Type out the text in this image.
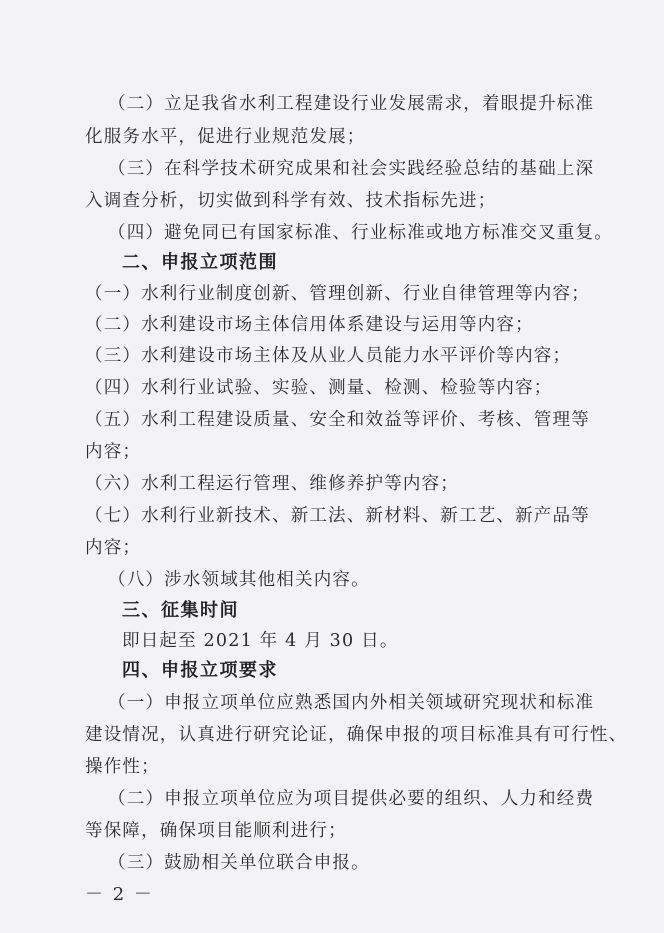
（二）立足我省水利工程建设行业发展需求，着眼提升标准
化服务水平，促进行业规范发展；
（三）在科学技术研究成果和社会实践经验总结的基础上深
入调查分析，切实做到科学有效、技术指标先进；
（四）避免同已有国家标准、行业标准或地方标准交叉重复。
二、申报立项范围
（一）水利行业制度创新、管理创新、行业自律管理等内容；
（二）水利建设市场主体信用体系建设与运用等内容；
（三）水利建设市场主体及从业人员能力水平评价等内容；
（四）水利行业试验、实验、测量、检测、检验等内容；
（五）水利工程建设质量、安全和效益等评价、考核、管理等
内容；
（六）水利工程运行管理、维修养护等内容；
（七）水利行业新技术、新工法、新材料、新工艺、新产品等
内容；
（八）涉水领域其他相关内容。
三、征集时间
即日起至 2021 年 4 月 30 日。
四、申报立项要求
（一）申报立项单位应熟悉国内外相关领域研究现状和标准
建设情况，认真进行研究论证，确保申报的项目标准具有可行性、
操作性；
（二）申报立项单位应为项目提供必要的组织、人力和经费
等保障，确保项目能顺利进行；
（三）鼓励相关单位联合申报。
－ 2 －
